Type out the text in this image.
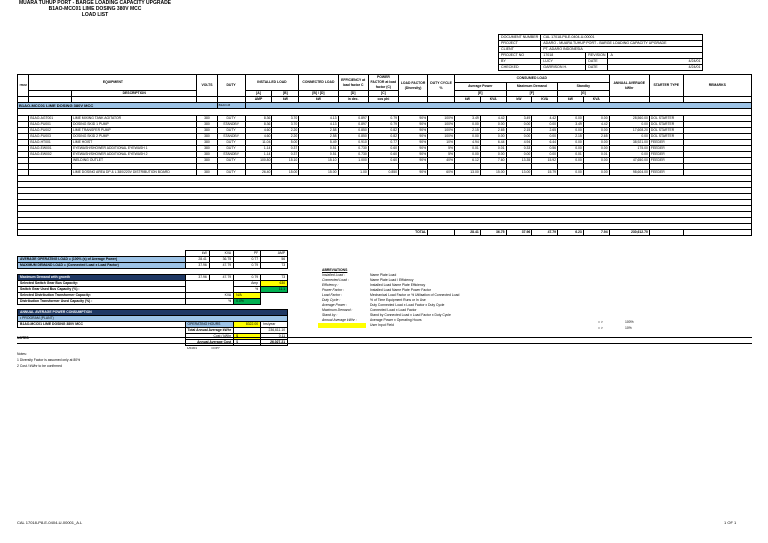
MUARA TUHUP PORT - BARGE LOADING CAPACITY UPGRADE
B1AO-MCC01 LIME DOSING 380V MCC
LOAD LIST
DOCUMENT NUMBER	CAL 17018-P8-E-0404-U-00001		
PROJECT	ADARO - MUARA TUHUP PORT - BARGE LOADING CAPACITY UPGRADE		
CLIENT	PT. ADARO INDONESIA		
PROJECT NO	17018	REVISION	A
BY	LUCY	DATE	4/24/01
CHECKED	GARRISON H.	DATE	4/24/01
ITEM	EQUIPMENT		VOLTS	DUTY	INSTALLED LOAD		CONNECTED LOAD	EFFICIENCY at load factor C	POWER FACTOR at load factor (C)	LOAD FACTOR (Diversity)	DUTY CYCLE %	CONSUMED LOAD						ANNUAL AVERAGE kWhr	STARTER TYPE	REMARKS
												Average Power		Maximum Demand		Standby				
		DESCRIPTION			[A]	[B]	[B] / [D]	[D]	[C]			[E]		[F]		[G]				
					AMP	kW	kW	in dec.	cos phi			kW	KVA	kW	KVA	kW	KVA			
B1AO-MCC01 LIME DOSING 380V MCC				B1AO-M																

	B1AO-AGT001	LIME MIXING TANK AGITATOR	380	DUTY	8.36	3.70	4.13	0.897	0.79	90%	100%	3.49	4.42	3.49	4.42	0.00	0.00	28,560.00	DOL STARTER	
	B1AO-PU001	DOSING SKID 1 PUMP	380	STANDBY	8.36	3.70	4.13	0.897	0.79	90%	100%	0.00	0.00	0.00	0.00	3.49	4.42	0.00	DOL STARTER	
	B1AO-PU002	LIME TRANSFER PUMP	380	DUTY	4.60	2.20	2.58	0.850	0.82	90%	100%	2.15	2.65	2.15	2.65	0.00	0.00	17,608.20	DOL STARTER	
	B1AO-PU003	DOSING SKID 2 PUMP	380	STANDBY	4.60	2.20	2.58	0.850	0.82	90%	100%	0.00	0.00	0.00	0.00	2.15	2.65	0.00	DOL STARTER	
	B1AO-HT001	LIME HOIST	380	DUTY	11.04	5.00	5.49	0.910	0.77	90%	10%	4.94	6.44	4.94	6.44	0.00	0.00	38,921.00	FEEDER	
	B1AO-EW001	EYEWASH/SHOWER ADDITIONAL EYEWASH 1	380	DUTY	1.14	0.37	0.51	0.730	0.60	90%	5%	0.01	0.01	0.33	0.56	0.00	0.00	175.00	FEEDER	
	B1AO-EW002	EYEWASH/SHOWER ADDITIONAL EYEWASH 2	380	STANDBY	1.14	0.37	0.51	0.730	0.60	90%	5%	0.00	0.00	0.00	0.00	0.01	0.01	0.00	FEEDER	
		WELDING OUTLET	380	DUTY	100.80	15.10	15.10	1.000	0.60	90%	40%	6.12	7.60	13.35	15.92	0.00	0.00	47,650.00	FEEDER	

		LIME DOSING AREA DP & L 380/220V DISTRIBUTION BOARD	380	DUTY	26.40	15.00	15.00	1.00	0.850	90%	60%	13.00	15.00	13.00	15.79	0.00	0.00	98,604.00	FEEDER	

TOTAL												28.41	36.75	37.96	47.79	6.23	7.94	230,612.70		
	kW	KVA	PF	AMP
AVERAGE OPERATING LOAD = (100% (s) of Average Power)	28.41	36.75	0.77	56
MAXIMUM DEMAND LOAD = (Connected Load x Load Factor)	37.96	47.79	0.79	73

Maximum Demand with growth	37.96	47.79	0.79	73
Selected Switch Gear Bus Capacity:			Amp	630
Switch Gear Used Bus Capacity (%) :			%	11.1
Selected Distribution Transformer Capacity:	KVA		N/A	
Distribution Transformer Used Capacity (%) :	%		0.0%	

ANNUAL AVERAGE POWER CONSUMPTION				
• PROGRAM (PLANT)				
B1AO-MCC01 LIME DOSING 380V MCC	OPERATING HOURS		8322.00	hrs/year
	Total Annual Average kWhr			236,611.10
	Cost / kWhr		$	0.11
	Annual Average Cost		$	26,027.21
	1/04/01	COPY		
ABREVIATIONS	
Installed Load :	Name Plate Load
Connected Load :	Name Plate Load / Efficiency
Efficiency :	Installed Load Name Plate Efficiency
Power Factor :	Installed Load Name Plate Power Factor
Load Factor :	Mechanical Load Factor or % Utilisation of Connected Load
Duty Cycle :	% of Time Equipment Runs or In Use
Average Power :	Duty Connected Load x Load Factor x Duty Cycle
Maximum Demand :	Connected Load x Load Factor
Stand by :	Stand by Connected Load x Load Factor x Duty Cycle
Annual Average kWhr :	Average Power x Operating Hours
	User Input Field
= >	100%
= >	10%
NOTES
Notes:
1 Diversity Factor is assumed only at 80%
2 Cost / kWhr to be confirmed
CAL 17018-P8-E-0404-U-00001_A.L	1 OF 1
